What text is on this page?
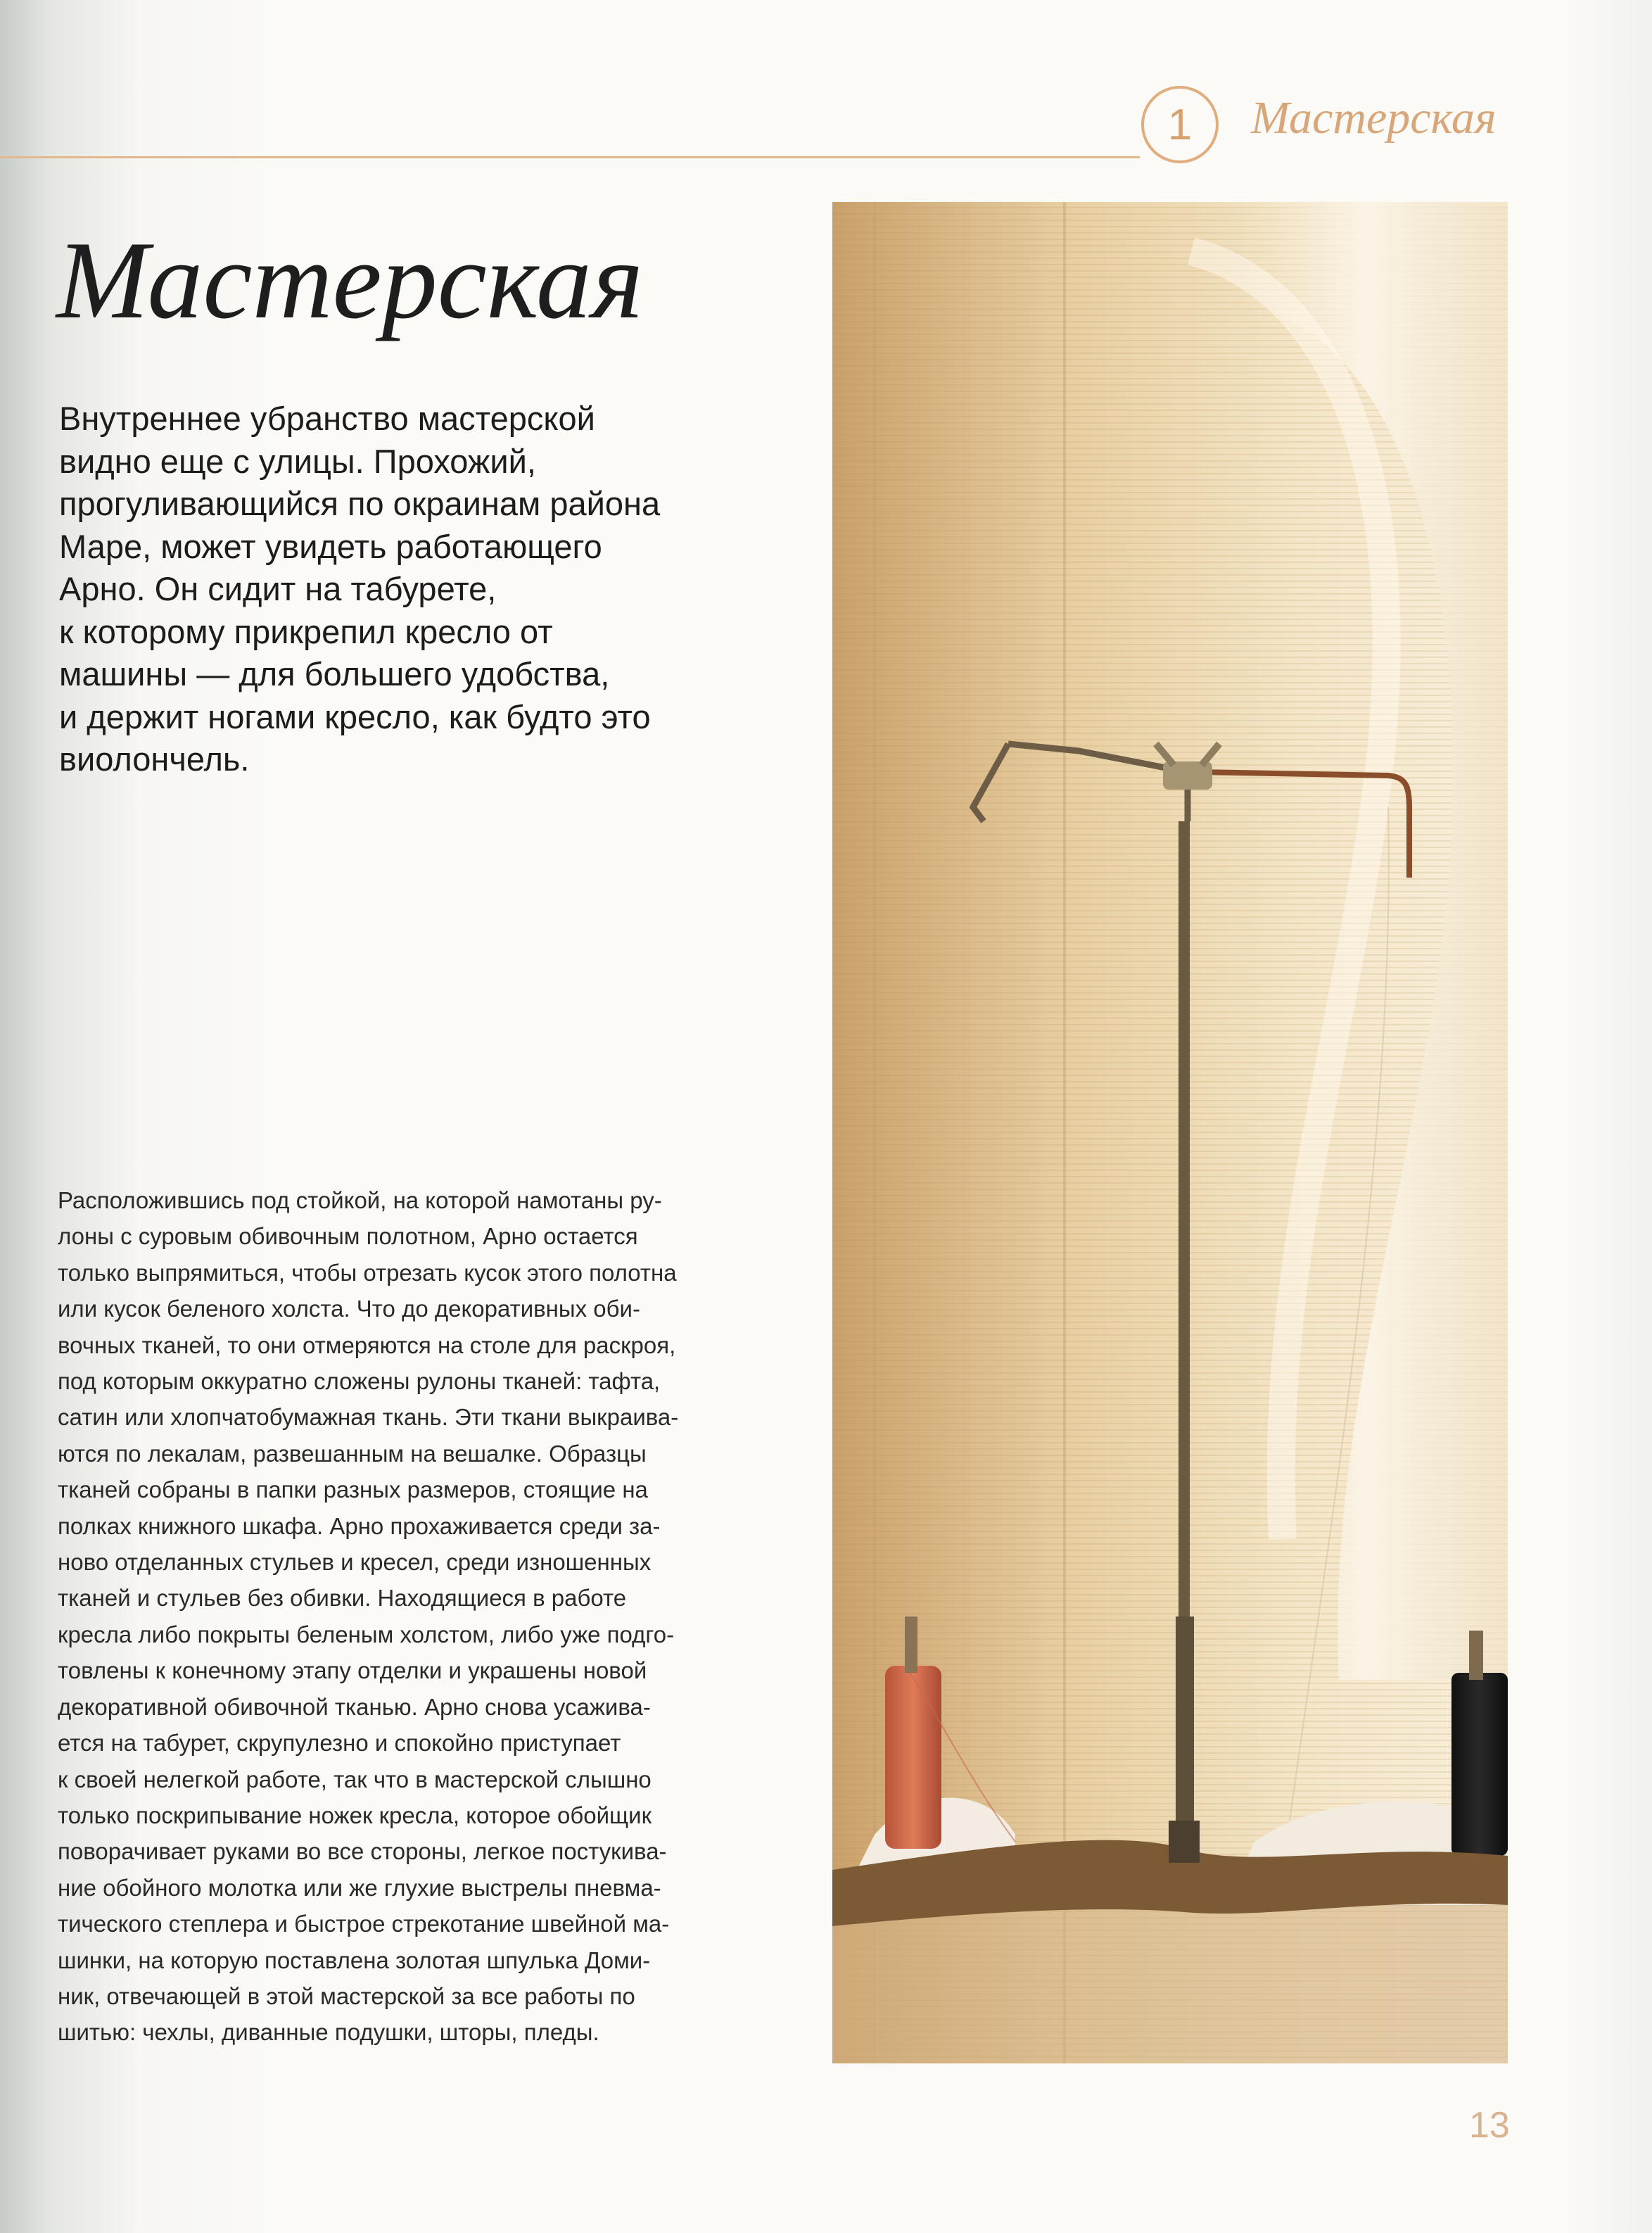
1 Мастерская
Мастерская
Внутреннее убранство мастерской
видно еще с улицы. Прохожий,
прогуливающийся по окраинам района
Маре, может увидеть работающего
Арно. Он сидит на табурете,
к которому прикрепил кресло от
машины — для большего удобства,
и держит ногами кресло, как будто это
виолончель.
Расположившись под стойкой, на которой намотаны ру-
лоны с суровым обивочным полотном, Арно остается
только выпрямиться, чтобы отрезать кусок этого полотна
или кусок беленого холста. Что до декоративных оби-
вочных тканей, то они отмеряются на столе для раскроя,
под которым оккуратно сложены рулоны тканей: тафта,
сатин или хлопчатобумажная ткань. Эти ткани выкраива-
ются по лекалам, развешанным на вешалке. Образцы
тканей собраны в папки разных размеров, стоящие на
полках книжного шкафа. Арно прохаживается среди за-
ново отделанных стульев и кресел, среди изношенных
тканей и стульев без обивки. Находящиеся в работе
кресла либо покрыты беленым холстом, либо уже подго-
товлены к конечному этапу отделки и украшены новой
декоративной обивочной тканью. Арно снова усажива-
ется на табурет, скрупулезно и спокойно приступает
к своей нелегкой работе, так что в мастерской слышно
только поскрипывание ножек кресла, которое обойщик
поворачивает руками во все стороны, легкое постукива-
ние обойного молотка или же глухие выстрелы пневма-
тического степлера и быстрое стрекотание швейной ма-
шинки, на которую поставлена золотая шпулька Доми-
ник, отвечающей в этой мастерской за все работы по
шитью: чехлы, диванные подушки, шторы, пледы.
13
